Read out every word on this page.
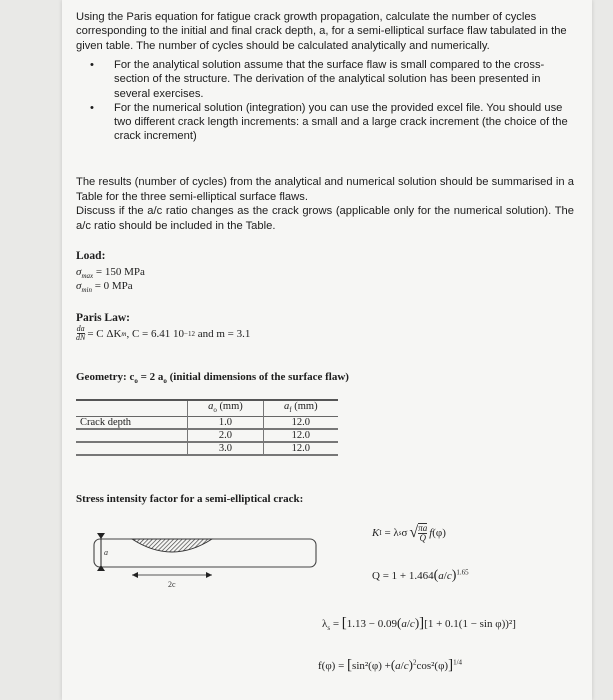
Using the Paris equation for fatigue crack growth propagation, calculate the number of cycles corresponding to the initial and final crack depth, a, for a semi-elliptical surface flaw tabulated in the given table. The number of cycles should be calculated analytically and numerically.

• For the analytical solution assume that the surface flaw is small compared to the cross-section of the structure. The derivation of the analytical solution has been presented in several exercises.
• For the numerical solution (integration) you can use the provided excel file. You should use two different crack length increments: a small and a large crack increment (the choice of the crack increment)
The results (number of cycles) from the analytical and numerical solution should be summarised in a Table for the three semi-elliptical surface flaws.
Discuss if the a/c ratio changes as the crack grows (applicable only for the numerical solution). The a/c ratio should be included in the Table.
Load:
$\sigma_{max} = 150$ MPa
$\sigma_{min} = 0$ MPa
Paris Law:
$\frac{da}{dN} = C$ ΔK m , C = 6.41 10 −12
and m = 3.1
Geometry: $c_o = 2$ $a_o$ (initial dimensions of the surface flaw)
	$a_o$ (mm)	$a_f$ (mm)
Crack depth	1.0	12.0
	2.0	12.0
	3.0	12.0
Stress intensity factor for a semi-elliptical crack:
a
2c
K I = λ s σ √ πa
Q f(φ)
$Q = 1 + 1.464(a/c)^{1.65}$
$\lambda_s = [1.13 - 0.09(a/c)][1 + 0.1(1 - \sin \varphi))^2$]
$f(\varphi) = [\sin^2(\varphi) +(a/c)^2\cos^2(\varphi)]^{1/4}$
